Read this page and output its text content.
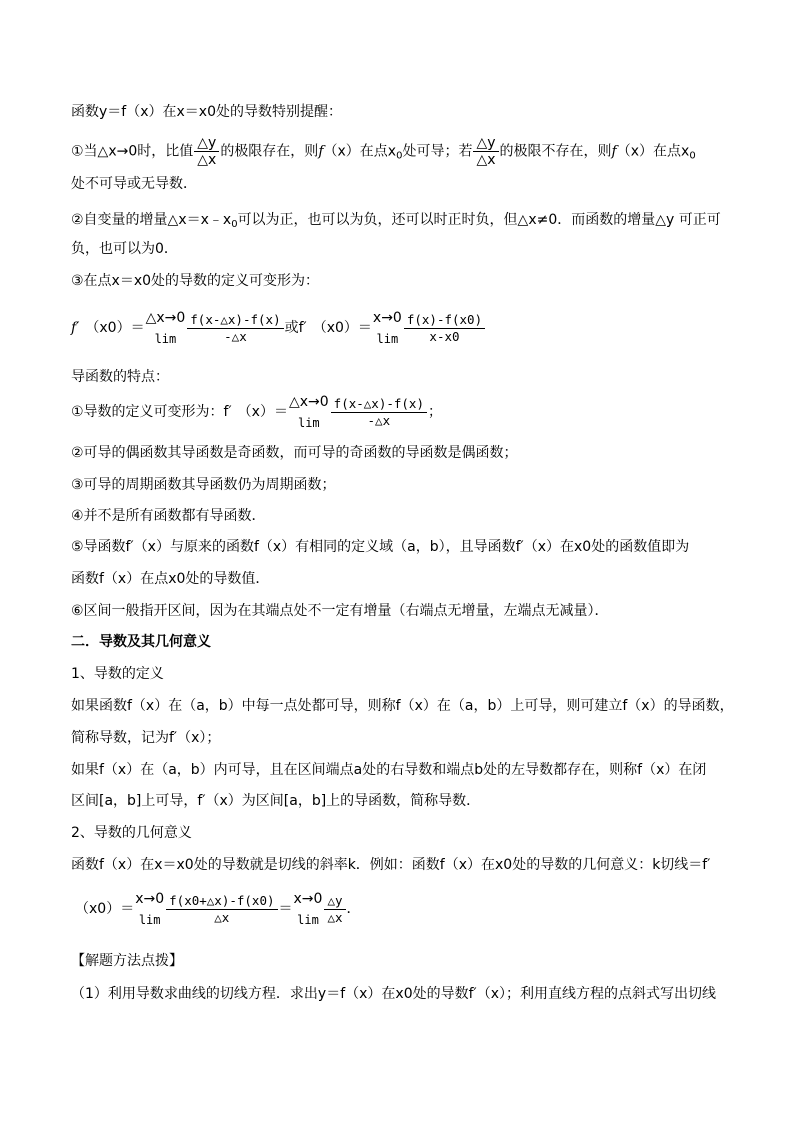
函数y＝f（x）在x＝x0处的导数特别提醒：
①当△x→0时，比值 $\frac{\triangle y}{\triangle x}$ 的极限存在，则f（x）在点$x_0$处可导；若 $\frac{\triangle y}{\triangle x}$ 的极限不存在，则f（x）在点$x_0$
处不可导或无导数．
②自变量的增量$\triangle x=x﹣x_0$可以为正，也可以为负，还可以时正时负，但△x≠0．而函数的增量△y 可正可
负，也可以为0．
③在点x＝x0处的导数的定义可变形为：
f′ （x0）＝
△x→0
$\lim \frac{f(x-\triangle x)-f(x)}{-\triangle x}$ 或f′ （x0）＝
x→0
$\lim \frac{f(x)-f(x0)}{x-x0}$
导函数的特点：
①导数的定义可变形为：f′ （x）＝
△x→0
$\lim \frac{f(x-\triangle x)-f(x)}{-\triangle x}$ ；
②可导的偶函数其导函数是奇函数，而可导的奇函数的导函数是偶函数；
③可导的周期函数其导函数仍为周期函数；
④并不是所有函数都有导函数．
⑤导函数f′（x）与原来的函数f（x）有相同的定义域（a，b），且导函数f′（x）在x0处的函数值即为
函数f（x）在点x0处的导数值．
⑥区间一般指开区间，因为在其端点处不一定有增量（右端点无增量，左端点无减量）．
二．导数及其几何意义
1、导数的定义
如果函数f（x）在（a，b）中每一点处都可导，则称f（x）在（a，b）上可导，则可建立f（x）的导函数，
简称导数，记为f′（x）；
如果f（x）在（a，b）内可导，且在区间端点a处的右导数和端点b处的左导数都存在，则称f（x）在闭
区间[a，b]上可导，f′（x）为区间[a，b]上的导函数，简称导数．
2、导数的几何意义
函数f（x）在x＝x0处的导数就是切线的斜率k．例如：函数f（x）在x0处的导数的几何意义：k切线＝f′
（x0）＝
x→0
$\lim \frac{f(x0+\triangle x)-f(x0)}{\triangle x}$ ＝
x→0
$\lim \frac{\triangle y}{\triangle x}$ ．
【解题方法点拨】
（1）利用导数求曲线的切线方程．求出y＝f（x）在x0处的导数f′（x）；利用直线方程的点斜式写出切线
